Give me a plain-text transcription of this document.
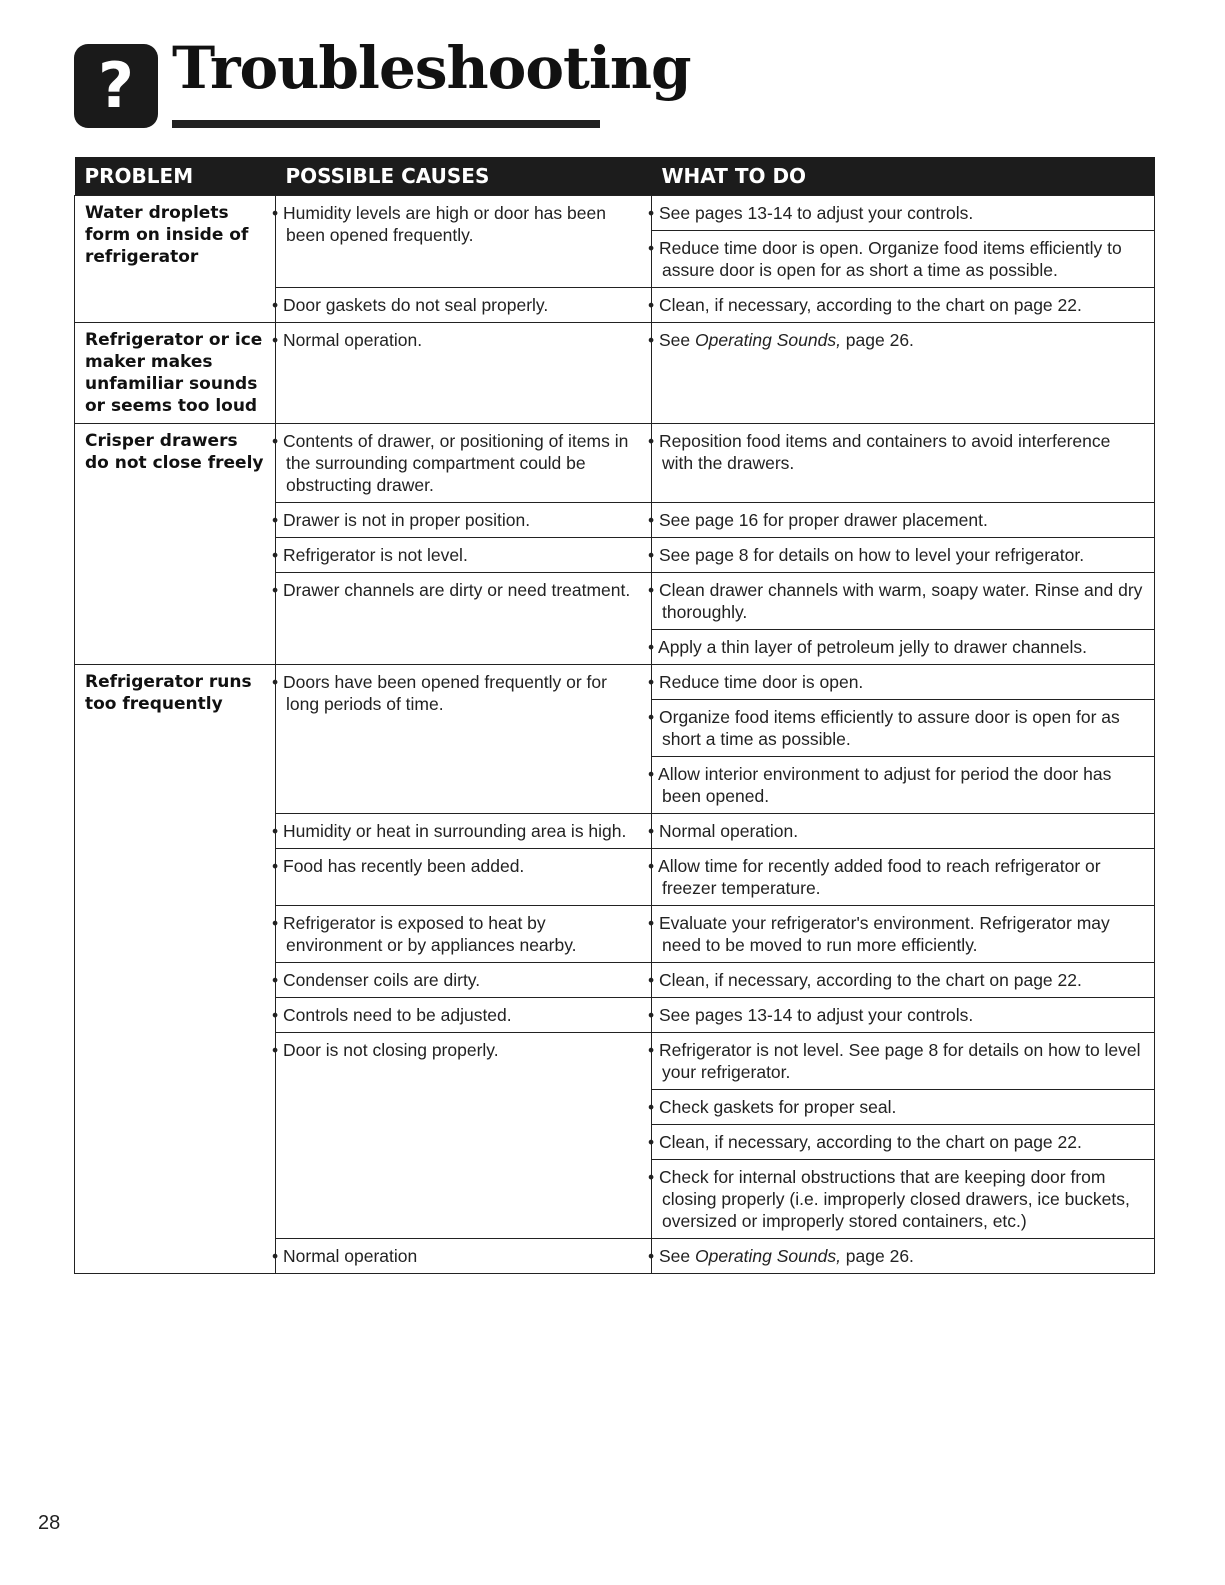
? Troubleshooting
PROBLEM	POSSIBLE CAUSES	WHAT TO DO
Water droplets form on inside of refrigerator	• Humidity levels are high or door has been been opened frequently.	• See pages 13-14 to adjust your controls.
		• Reduce time door is open. Organize food items efficiently to assure door is open for as short a time as possible.
	• Door gaskets do not seal properly.	• Clean, if necessary, according to the chart on page 22.
Refrigerator or ice maker makes unfamiliar sounds or seems too loud	• Normal operation.	• See Operating Sounds, page 26.
Crisper drawers do not close freely	• Contents of drawer, or positioning of items in the surrounding compartment could be obstructing drawer.	• Reposition food items and containers to avoid interference with the drawers.
	• Drawer is not in proper position.	• See page 16 for proper drawer placement.
	• Refrigerator is not level.	• See page 8 for details on how to level your refrigerator.
	• Drawer channels are dirty or need treatment.	• Clean drawer channels with warm, soapy water. Rinse and dry thoroughly.
		• Apply a thin layer of petroleum jelly to drawer channels.
Refrigerator runs too frequently	• Doors have been opened frequently or for long periods of time.	• Reduce time door is open.
		• Organize food items efficiently to assure door is open for as short a time as possible.
		• Allow interior environment to adjust for period the door has been opened.
	• Humidity or heat in surrounding area is high.	• Normal operation.
	• Food has recently been added.	• Allow time for recently added food to reach refrigerator or freezer temperature.
	• Refrigerator is exposed to heat by environment or by appliances nearby.	• Evaluate your refrigerator's environment. Refrigerator may need to be moved to run more efficiently.
	• Condenser coils are dirty.	• Clean, if necessary, according to the chart on page 22.
	• Controls need to be adjusted.	• See pages 13-14 to adjust your controls.
	• Door is not closing properly.	• Refrigerator is not level. See page 8 for details on how to level your refrigerator.
		• Check gaskets for proper seal.
		• Clean, if necessary, according to the chart on page 22.
		• Check for internal obstructions that are keeping door from closing properly (i.e. improperly closed drawers, ice buckets, oversized or improperly stored containers, etc.)
	• Normal operation	• See Operating Sounds, page 26.
28
